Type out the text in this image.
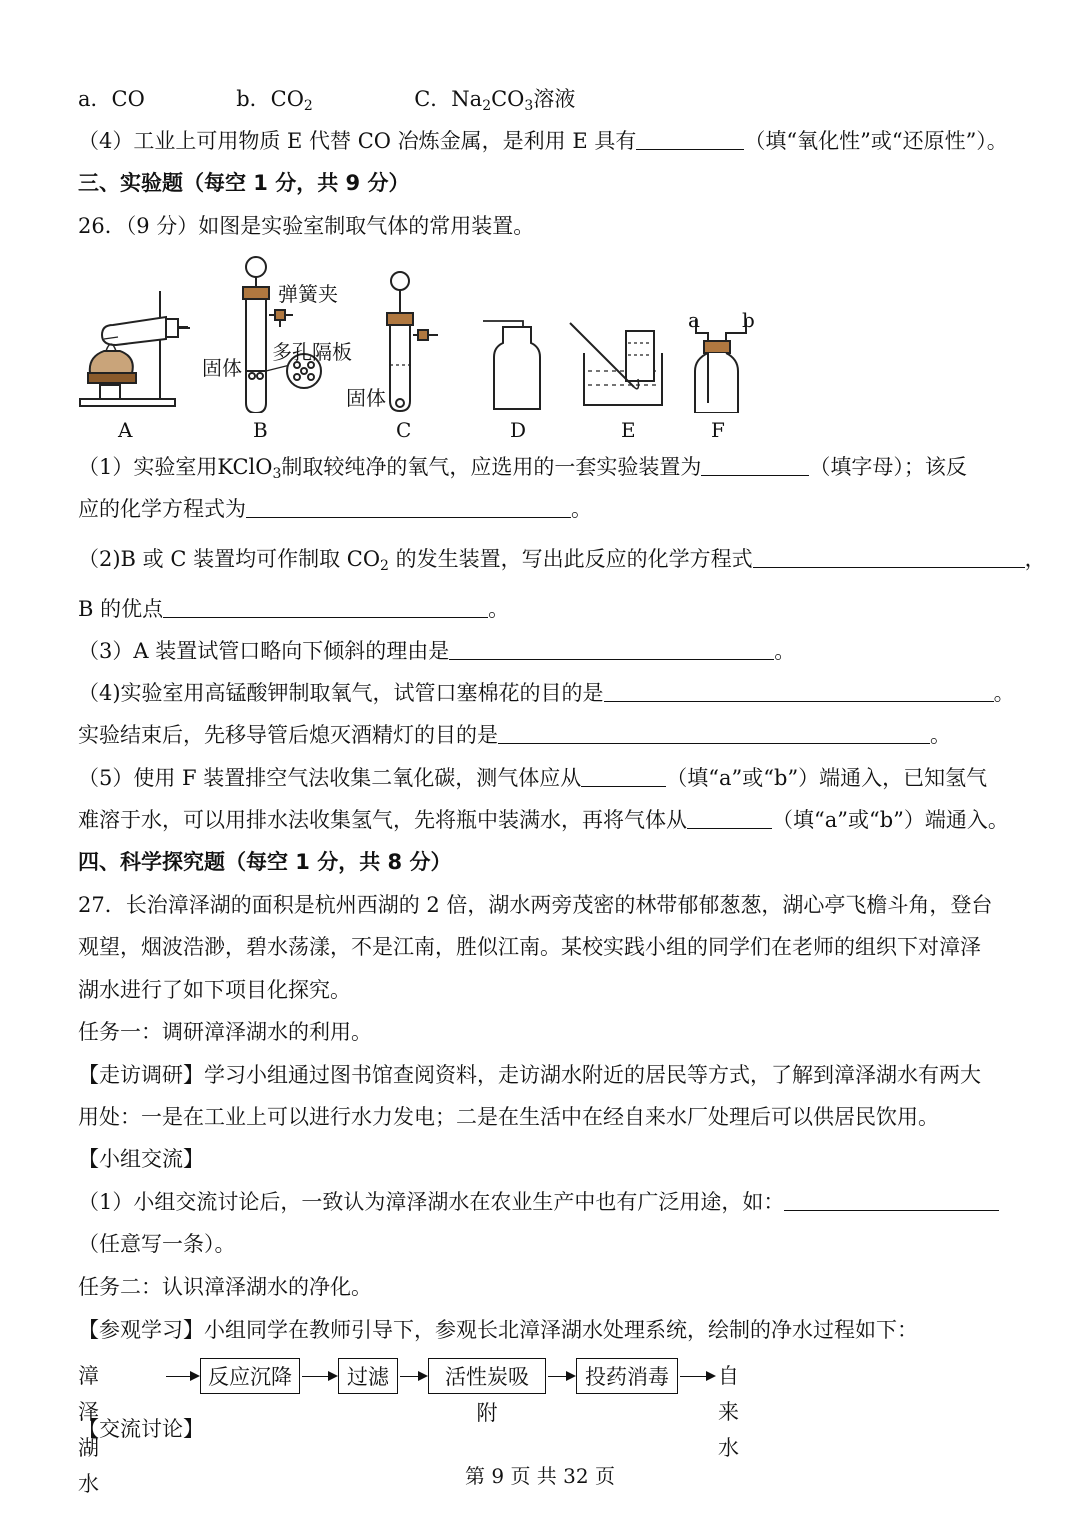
a．CO	b．$CO_2$	C．$Na_2CO_3$溶液
（4）工业上可用物质 E 代替 CO 冶炼金属，是利用 E 具有	（填“氧化性”或“还原性”）。
三、实验题（每空 1 分，共 9 分）
26．（9 分）如图是实验室制取气体的常用装置。
弹簧夹
多孔隔板
固体
固体
a b
A	B	C	D	E	F
（1）实验室用KClO$_3$制取较纯净的氧气，应选用的一套实验装置为	（填字母）；该反
应的化学方程式为	。
（2)B 或 C 装置均可作制取 $CO_2$ 的发生装置，写出此反应的化学方程式	，
B 的优点	。
（3）A 装置试管口略向下倾斜的理由是	。
（4)实验室用高锰酸钾制取氧气，试管口塞棉花的目的是	。
实验结束后，先移导管后熄灭酒精灯的目的是	。
（5）使用 F 装置排空气法收集二氧化碳，测气体应从	（填“a”或“b”）端通入，已知氢气
难溶于水，可以用排水法收集氢气，先将瓶中装满水，再将气体从	（填“a”或“b”）端通入。
四、科学探究题（每空 1 分，共 8 分）
27．长治漳泽湖的面积是杭州西湖的 2 倍，湖水两旁茂密的林带郁郁葱葱，湖心亭飞檐斗角，登台
观望，烟波浩渺，碧水荡漾，不是江南，胜似江南。某校实践小组的同学们在老师的组织下对漳泽
湖水进行了如下项目化探究。
任务一：调研漳泽湖水的利用。
【走访调研】学习小组通过图书馆查阅资料，走访湖水附近的居民等方式，了解到漳泽湖水有两大
用处：一是在工业上可以进行水力发电；二是在生活中在经自来水厂处理后可以供居民饮用。
【小组交流】
（1）小组交流讨论后，一致认为漳泽湖水在农业生产中也有广泛用途，如：
（任意写一条）。
任务二：认识漳泽湖水的净化。
【参观学习】小组同学在教师引导下，参观长北漳泽湖水处理系统，绘制的净水过程如下：
漳泽湖水
反应沉降	过滤	活性炭吸附
投药消毒	自来水
【交流讨论】
第 9 页 共 32 页
